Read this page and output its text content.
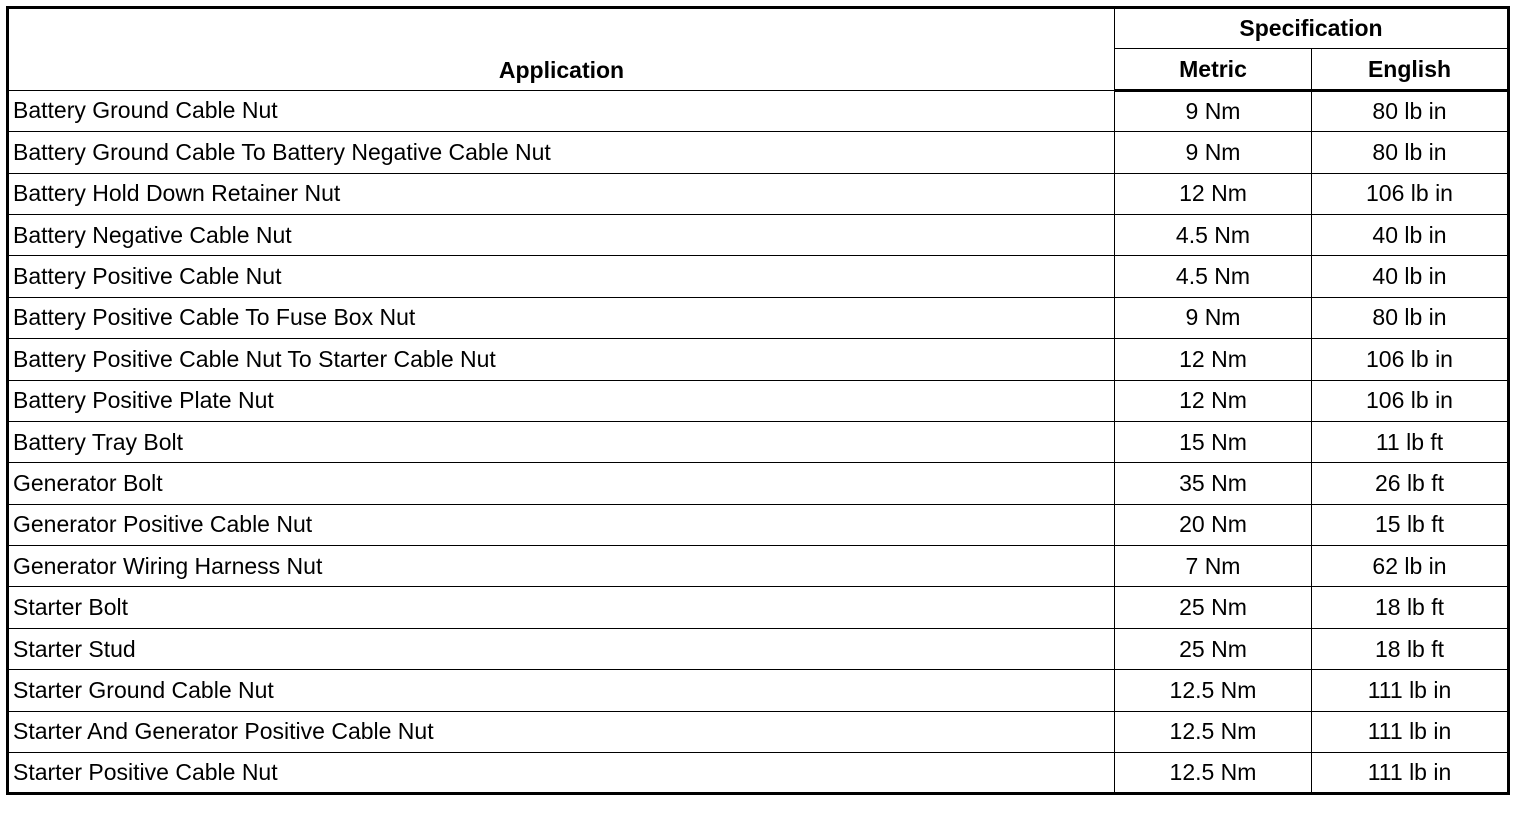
Application	Specification	
	Metric	English
Battery Ground Cable Nut	9 Nm	80 lb in
Battery Ground Cable To Battery Negative Cable Nut	9 Nm	80 lb in
Battery Hold Down Retainer Nut	12 Nm	106 lb in
Battery Negative Cable Nut	4.5 Nm	40 lb in
Battery Positive Cable Nut	4.5 Nm	40 lb in
Battery Positive Cable To Fuse Box Nut	9 Nm	80 lb in
Battery Positive Cable Nut To Starter Cable Nut	12 Nm	106 lb in
Battery Positive Plate Nut	12 Nm	106 lb in
Battery Tray Bolt	15 Nm	11 lb ft
Generator Bolt	35 Nm	26 lb ft
Generator Positive Cable Nut	20 Nm	15 lb ft
Generator Wiring Harness Nut	7 Nm	62 lb in
Starter Bolt	25 Nm	18 lb ft
Starter Stud	25 Nm	18 lb ft
Starter Ground Cable Nut	12.5 Nm	111 lb in
Starter And Generator Positive Cable Nut	12.5 Nm	111 lb in
Starter Positive Cable Nut	12.5 Nm	111 lb in
